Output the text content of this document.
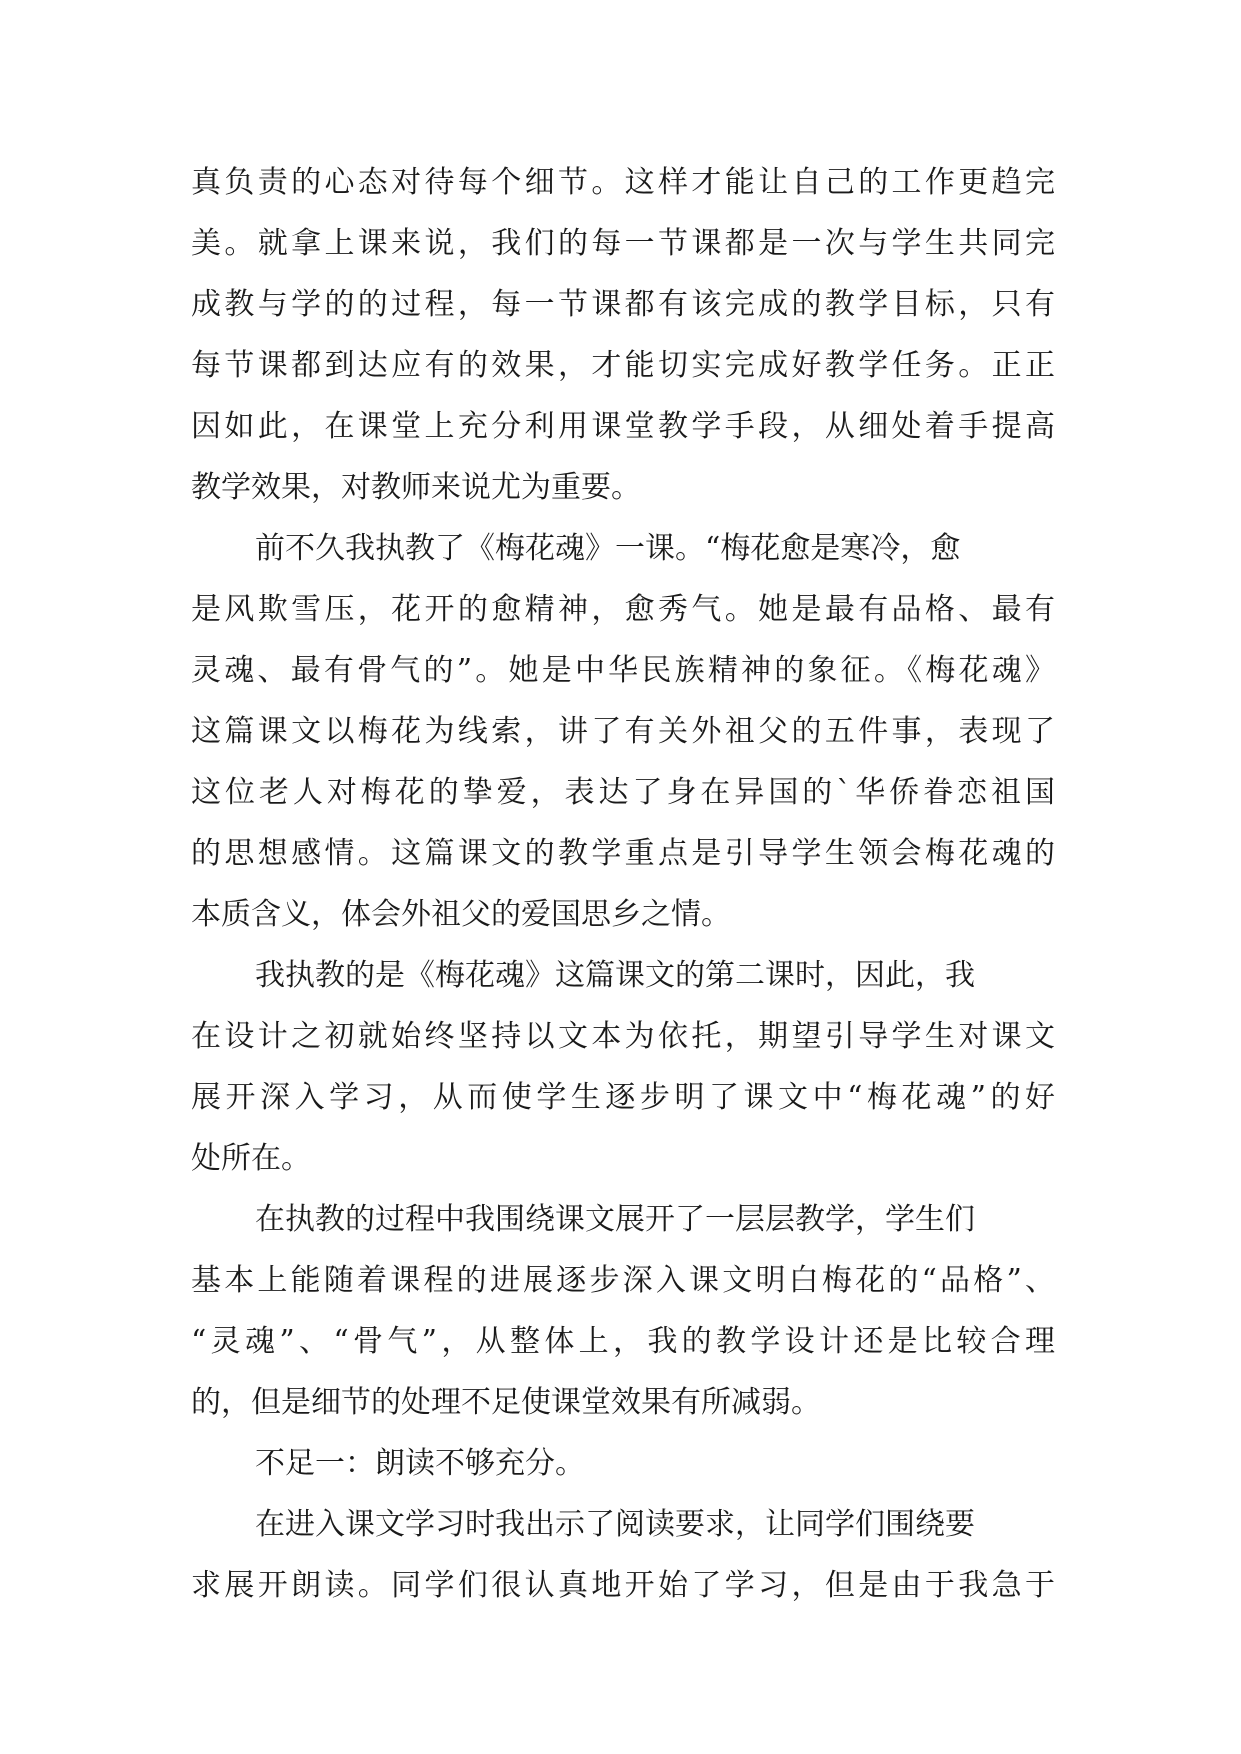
真负责的心态对待每个细节。这样才能让自己的工作更趋完
美。就拿上课来说，我们的每一节课都是一次与学生共同完
成教与学的的过程，每一节课都有该完成的教学目标，只有
每节课都到达应有的效果，才能切实完成好教学任务。正正
因如此，在课堂上充分利用课堂教学手段，从细处着手提高
教学效果，对教师来说尤为重要。
前不久我执教了《梅花魂》一课。“梅花愈是寒冷，愈
是风欺雪压，花开的愈精神，愈秀气。她是最有品格、最有
灵魂、最有骨气的”。她是中华民族精神的象征。《梅花魂》
这篇课文以梅花为线索，讲了有关外祖父的五件事，表现了
这位老人对梅花的挚爱，表达了身在异国的`华侨眷恋祖国
的思想感情。这篇课文的教学重点是引导学生领会梅花魂的
本质含义，体会外祖父的爱国思乡之情。
我执教的是《梅花魂》这篇课文的第二课时，因此，我
在设计之初就始终坚持以文本为依托，期望引导学生对课文
展开深入学习，从而使学生逐步明了课文中“梅花魂”的好
处所在。
在执教的过程中我围绕课文展开了一层层教学，学生们
基本上能随着课程的进展逐步深入课文明白梅花的“品格”、
“灵魂”、“骨气”，从整体上，我的教学设计还是比较合理
的，但是细节的处理不足使课堂效果有所减弱。
不足一：朗读不够充分。
在进入课文学习时我出示了阅读要求，让同学们围绕要
求展开朗读。同学们很认真地开始了学习，但是由于我急于
